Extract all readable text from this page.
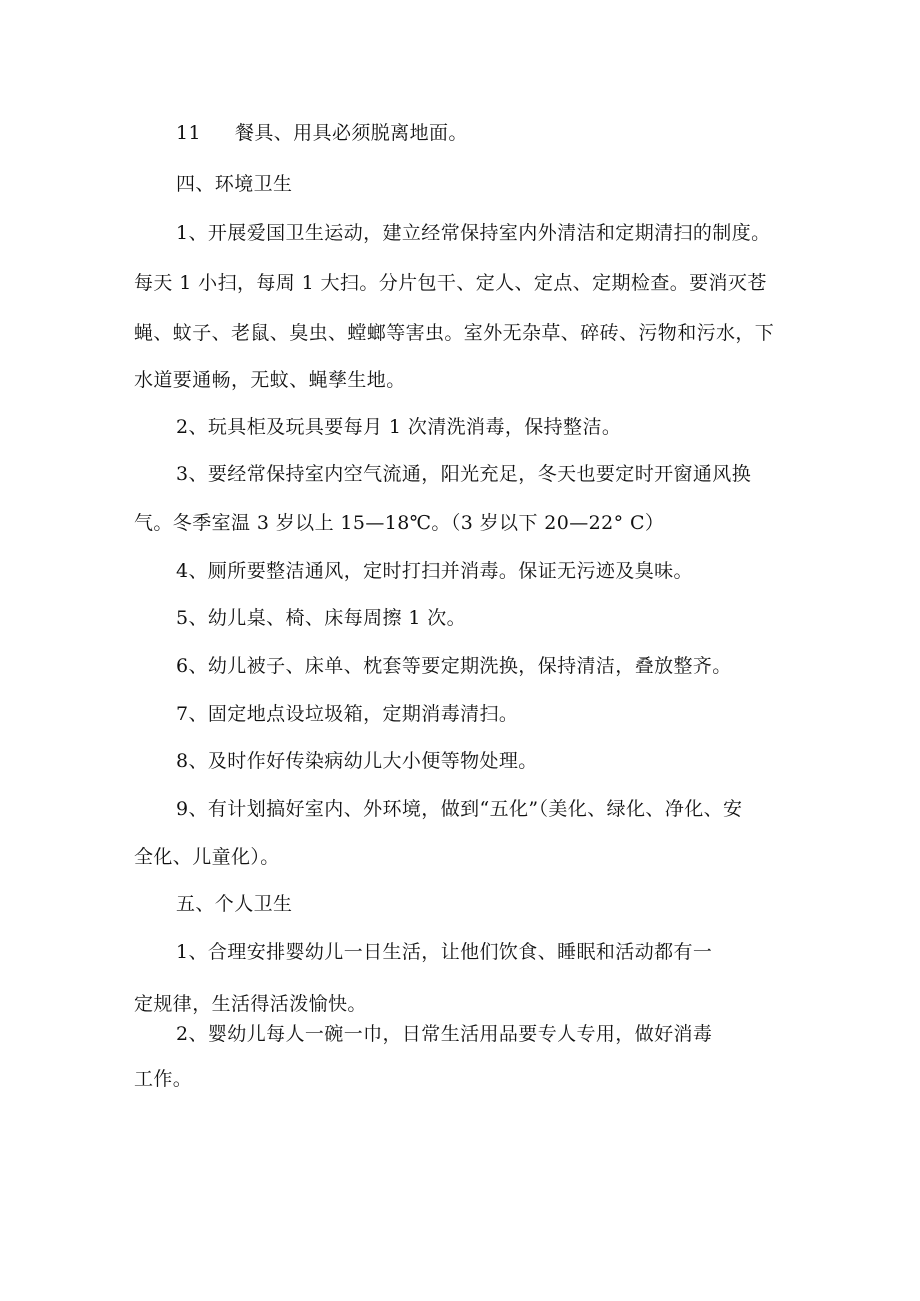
11 餐具、用具必须脱离地面。
四、环境卫生
1、开展爱国卫生运动，建立经常保持室内外清洁和定期清扫的制度。
每天 1 小扫，每周 1 大扫。分片包干、定人、定点、定期检查。要消灭苍
蝇、蚊子、老鼠、臭虫、螳螂等害虫。室外无杂草、碎砖、污物和污水，下
水道要通畅，无蚊、蝇孳生地。
2、玩具柜及玩具要每月 1 次清洗消毒，保持整洁。
3、要经常保持室内空气流通，阳光充足，冬天也要定时开窗通风换
气。冬季室温 3 岁以上 15—18℃。（3 岁以下 20—22° C）
4、厕所要整洁通风，定时打扫并消毒。保证无污迹及臭味。
5、幼儿桌、椅、床每周擦 1 次。
6、幼儿被子、床单、枕套等要定期洗换，保持清洁，叠放整齐。
7、固定地点设垃圾箱，定期消毒清扫。
8、及时作好传染病幼儿大小便等物处理。
9、有计划搞好室内、外环境，做到“五化”（美化、绿化、净化、安
全化、儿童化）。
五、个人卫生
1、合理安排婴幼儿一日生活，让他们饮食、睡眠和活动都有一
定规律，生活得活泼愉快。
2、婴幼儿每人一碗一巾，日常生活用品要专人专用，做好消毒
工作。
